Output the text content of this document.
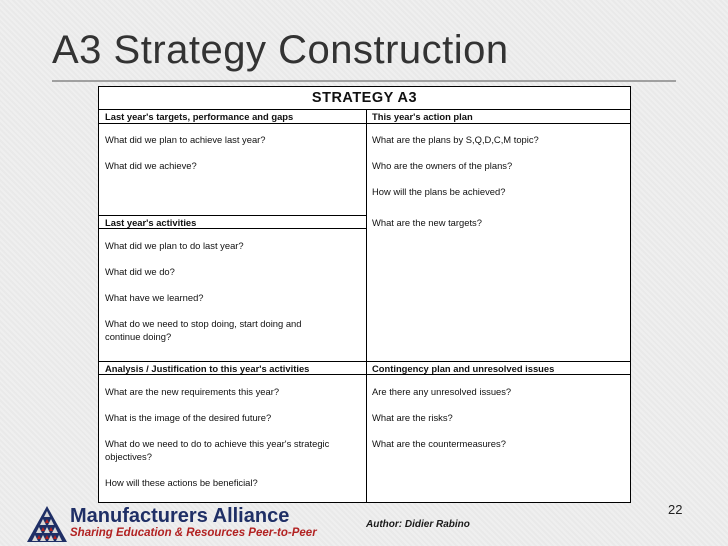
A3 Strategy Construction
STRATEGY A3
Last year's targets, performance and gaps
What did we plan to achieve last year?
What did we achieve?
Last year's activities
What did we plan to do last year?
What did we do?
What have we learned?
What do we need to stop doing, start doing and
continue doing?
Analysis / Justification to this year's activities
What are the new requirements this year?
What is the image of the desired future?
What do we need to do to achieve this year's strategic
objectives?
How will these actions be beneficial?
This year's action plan
What are the plans by S,Q,D,C,M topic?
Who are the owners of the plans?
How will the plans be achieved?
What are the new targets?
Contingency plan and unresolved issues
Are there any unresolved issues?
What are the risks?
What are the countermeasures?
Manufacturers Alliance
Sharing Education & Resources Peer-to-Peer
Author: Didier Rabino
22
